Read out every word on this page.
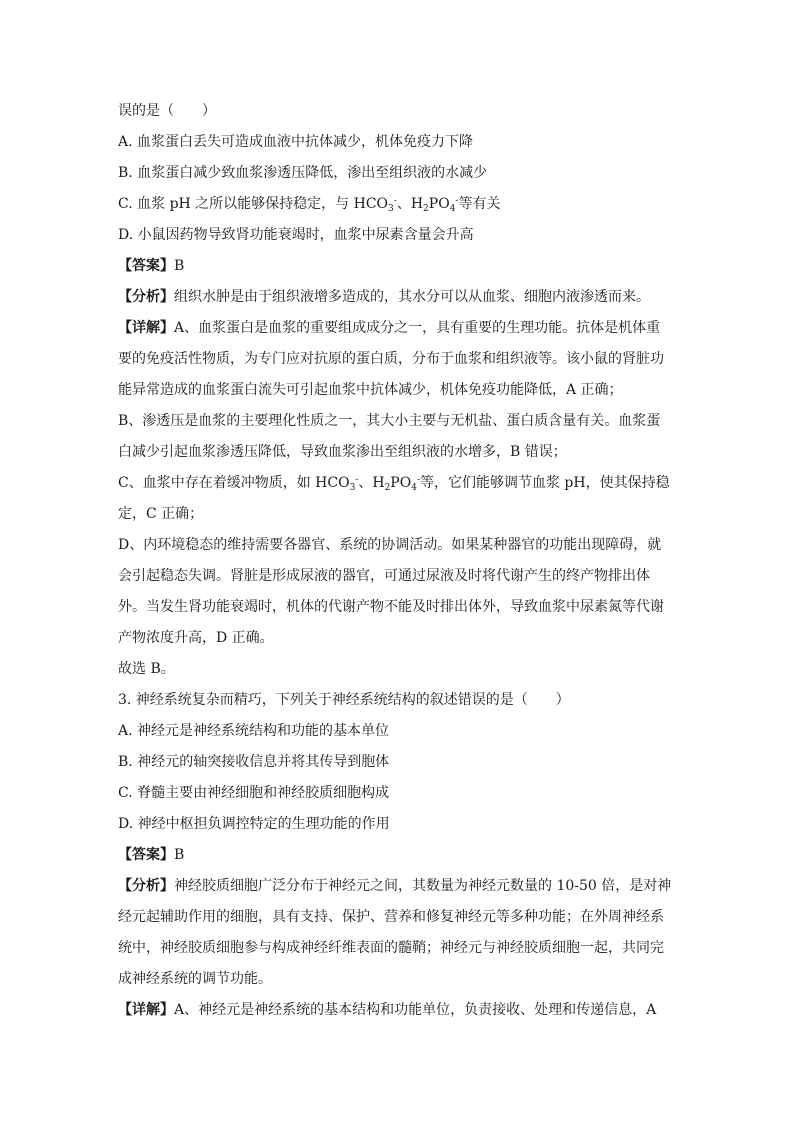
误的是（　　）
A. 血浆蛋白丢失可造成血液中抗体减少，机体免疫力下降
B. 血浆蛋白减少致血浆渗透压降低，渗出至组织液的水减少
C. 血浆 pH 之所以能够保持稳定，与 $HCO_3^-$、$H_2PO_4^-$等有关
D. 小鼠因药物导致肾功能衰竭时，血浆中尿素含量会升高
【答案】B
【分析】组织水肿是由于组织液增多造成的，其水分可以从血浆、细胞内液渗透而来。
【详解】A、血浆蛋白是血浆的重要组成成分之一，具有重要的生理功能。抗体是机体重
要的免疫活性物质，为专门应对抗原的蛋白质，分布于血浆和组织液等。该小鼠的肾脏功
能异常造成的血浆蛋白流失可引起血浆中抗体减少，机体免疫功能降低，A 正确；
B、渗透压是血浆的主要理化性质之一，其大小主要与无机盐、蛋白质含量有关。血浆蛋
白减少引起血浆渗透压降低，导致血浆渗出至组织液的水增多，B 错误；
C、血浆中存在着缓冲物质，如 $HCO_3^-$、$H_2PO_4^-$等，它们能够调节血浆 pH，使其保持稳
定，C 正确；
D、内环境稳态的维持需要各器官、系统的协调活动。如果某种器官的功能出现障碍，就
会引起稳态失调。肾脏是形成尿液的器官，可通过尿液及时将代谢产生的终产物排出体
外。当发生肾功能衰竭时，机体的代谢产物不能及时排出体外，导致血浆中尿素氮等代谢
产物浓度升高，D 正确。
故选 B。
3. 神经系统复杂而精巧，下列关于神经系统结构的叙述错误的是（　　）
A. 神经元是神经系统结构和功能的基本单位
B. 神经元的轴突接收信息并将其传导到胞体
C. 脊髓主要由神经细胞和神经胶质细胞构成
D. 神经中枢担负调控特定的生理功能的作用
【答案】B
【分析】神经胶质细胞广泛分布于神经元之间，其数量为神经元数量的 10-50 倍，是对神
经元起辅助作用的细胞，具有支持、保护、营养和修复神经元等多种功能；在外周神经系
统中，神经胶质细胞参与构成神经纤维表面的髓鞘；神经元与神经胶质细胞一起，共同完
成神经系统的调节功能。
【详解】A、神经元是神经系统的基本结构和功能单位，负责接收、处理和传递信息，A
